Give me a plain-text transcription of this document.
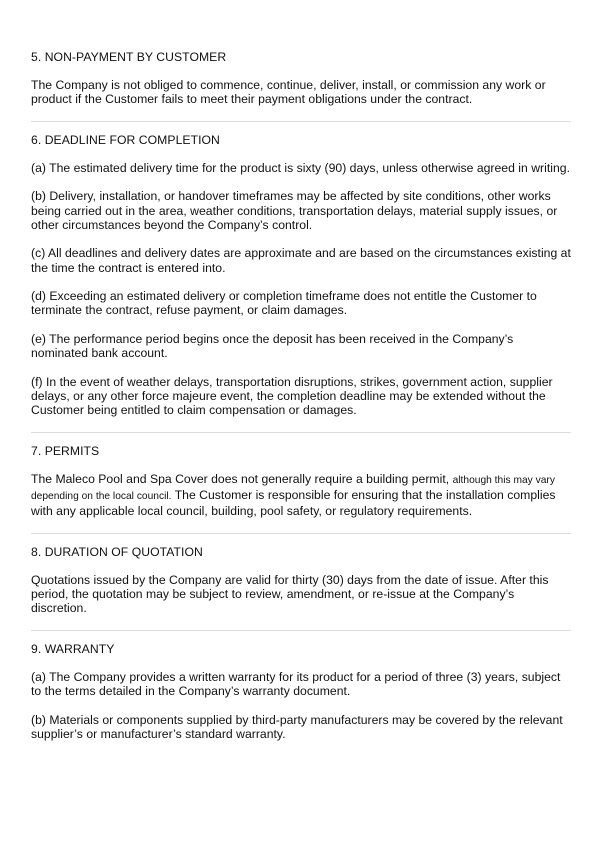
5. NON-PAYMENT BY CUSTOMER
The Company is not obliged to commence, continue, deliver, install, or commission any work or product if the Customer fails to meet their payment obligations under the contract.
6. DEADLINE FOR COMPLETION
(a) The estimated delivery time for the product is sixty (90) days, unless otherwise agreed in writing.
(b) Delivery, installation, or handover timeframes may be affected by site conditions, other works being carried out in the area, weather conditions, transportation delays, material supply issues, or other circumstances beyond the Company’s control.
(c) All deadlines and delivery dates are approximate and are based on the circumstances existing at the time the contract is entered into.
(d) Exceeding an estimated delivery or completion timeframe does not entitle the Customer to terminate the contract, refuse payment, or claim damages.
(e) The performance period begins once the deposit has been received in the Company’s nominated bank account.
(f) In the event of weather delays, transportation disruptions, strikes, government action, supplier delays, or any other force majeure event, the completion deadline may be extended without the Customer being entitled to claim compensation or damages.
7. PERMITS
The Maleco Pool and Spa Cover does not generally require a building permit, although this may vary depending on the local council. The Customer is responsible for ensuring that the installation complies with any applicable local council, building, pool safety, or regulatory requirements.
8. DURATION OF QUOTATION
Quotations issued by the Company are valid for thirty (30) days from the date of issue. After this period, the quotation may be subject to review, amendment, or re-issue at the Company’s discretion.
9. WARRANTY
(a) The Company provides a written warranty for its product for a period of three (3) years, subject to the terms detailed in the Company’s warranty document.
(b) Materials or components supplied by third-party manufacturers may be covered by the relevant supplier’s or manufacturer’s standard warranty.
